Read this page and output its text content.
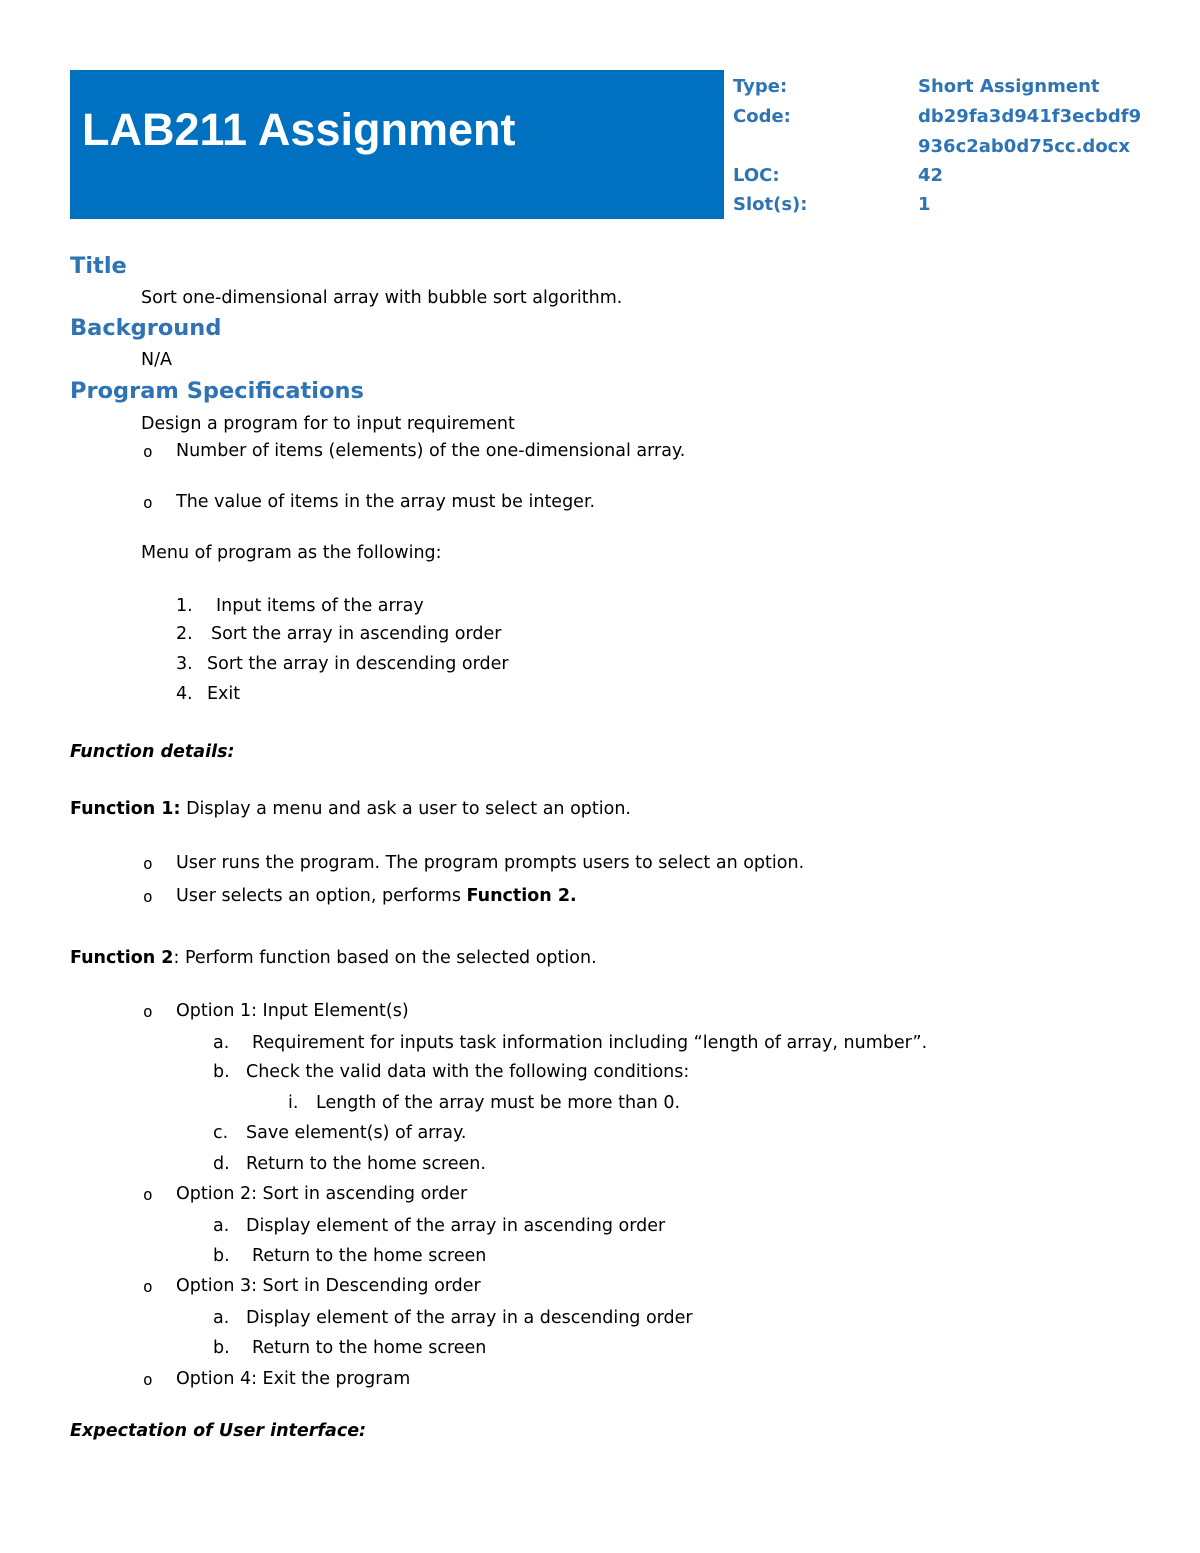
LAB211 Assignment
Type:	Short Assignment
Code:	db29fa3d941f3ecbdf9
936c2ab0d75cc.docx
LOC:	42
Slot(s):	1
Title
Sort one-dimensional array with bubble sort algorithm.
Background
N/A
Program Specifications
Design a program for to input requirement
o Number of items (elements) of the one-dimensional array.
o The value of items in the array must be integer.
Menu of program as the following:
1. Input items of the array
2. Sort the array in ascending order
3. Sort the array in descending order
4. Exit
Function details:
Function 1: Display a menu and ask a user to select an option.
o User runs the program. The program prompts users to select an option.
o User selects an option, performs Function 2.
Function 2: Perform function based on the selected option.
o Option 1: Input Element(s)
a. Requirement for inputs task information including “length of array, number”.
b. Check the valid data with the following conditions:
i. Length of the array must be more than 0.
c. Save element(s) of array.
d. Return to the home screen.
o Option 2: Sort in ascending order
a. Display element of the array in ascending order
b. Return to the home screen
o Option 3: Sort in Descending order
a. Display element of the array in a descending order
b. Return to the home screen
o Option 4: Exit the program
Expectation of User interface:
